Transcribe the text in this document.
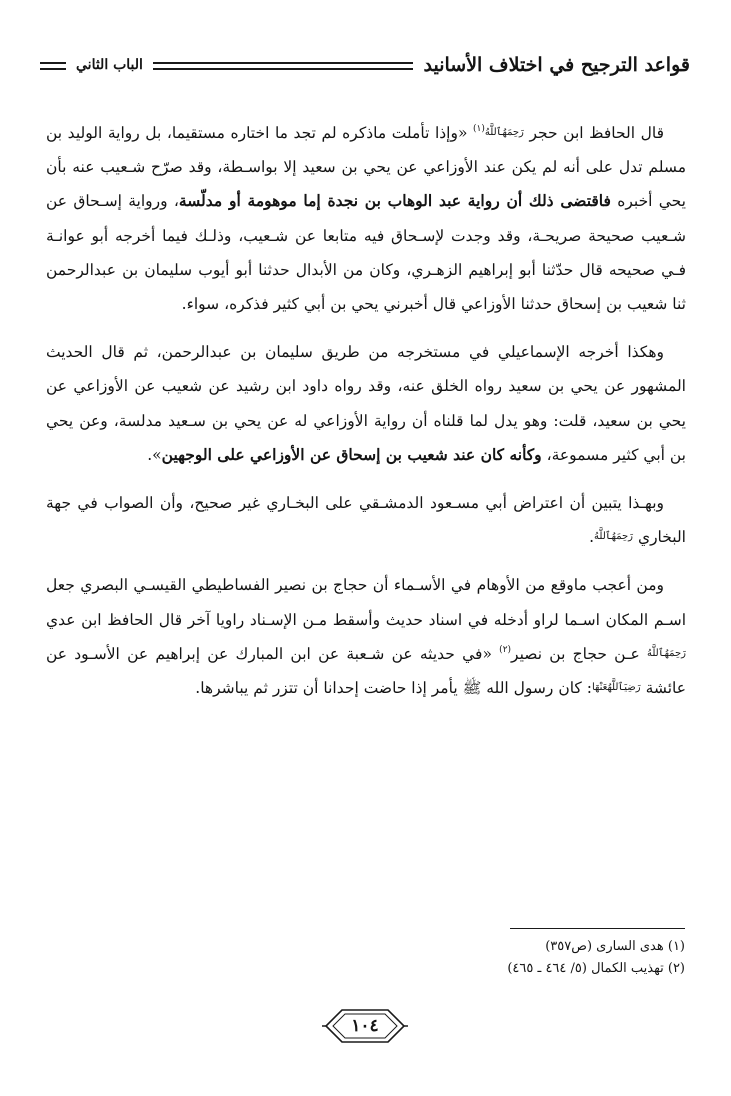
قواعد الترجيح في اختلاف الأسانيد
الباب الثاني

قال الحافظ ابن حجر رَحِمَهُٱللَّهُ$^{(١)}$ «وإذا تأملت ماذكره لم تجد ما اختاره مستقيما، بل رواية الوليد بن مسلم تدل على أنه لم يكن عند الأوزاعي عن يحي بن سعيد إلا بواسـطة، وقد صرّح شـعيب عنه بأن يحي أخبره فاقتضى ذلك أن رواية عبد الوهاب بن نجدة إما موهومة أو مدلّسة، ورواية إسـحاق عن شـعيب صحيحة صريحـة، وقد وجدت لإسـحاق فيه متابعا عن شـعيب، وذلـك فيما أخرجه أبو عوانـة فـي صحيحه قال حدّثنا أبو إبراهيم الزهـري، وكان من الأبدال حدثنا أبو أيوب سليمان بن عبدالرحمن ثنا شعيب بن إسحاق حدثنا الأوزاعي قال أخبرني يحي بن أبي كثير فذكره، سواء.

وهكذا أخرجه الإسماعيلي في مستخرجه من طريق سليمان بن عبدالرحمن، ثم قال الحديث المشهور عن يحي بن سعيد رواه الخلق عنه، وقد رواه داود ابن رشيد عن شعيب عن الأوزاعي عن يحي بن سعيد، قلت: وهو يدل لما قلناه أن رواية الأوزاعي له عن يحي بن سـعيد مدلسة، وعن يحي بن أبي كثير مسموعة، وكأنه كان عند شعيب بن إسحاق عن الأوزاعي على الوجهين».

وبهـذا يتبين أن اعتراض أبي مسـعود الدمشـقي على البخـاري غير صحيح، وأن الصواب في جهة البخاري رَحِمَهُٱللَّهُ.

ومن أعجب ماوقع من الأوهام في الأسـماء أن حجاج بن نصير الفساطيطي القيسـي البصري جعل اسـم المكان اسـما لراو أدخله في اسناد حديث وأسقط مـن الإسـناد راويا آخر قال الحافظ ابن عدي رَحِمَهُٱللَّهُ عـن حجاج بن نصير$^{(٢)}$ «في حديثه عن شـعبة عن ابن المبارك عن إبراهيم عن الأسـود عن عائشة رَضِيَٱللَّهُعَنْهَا: كان رسول الله ﷺ يأمر إذا حاضت إحدانا أن تتزر ثم يباشرها.

(١) هدى السارى (ص٣٥٧)
(٢) تهذيب الكمال (٥/ ٤٦٤ ـ ٤٦٥)
١٠٤
